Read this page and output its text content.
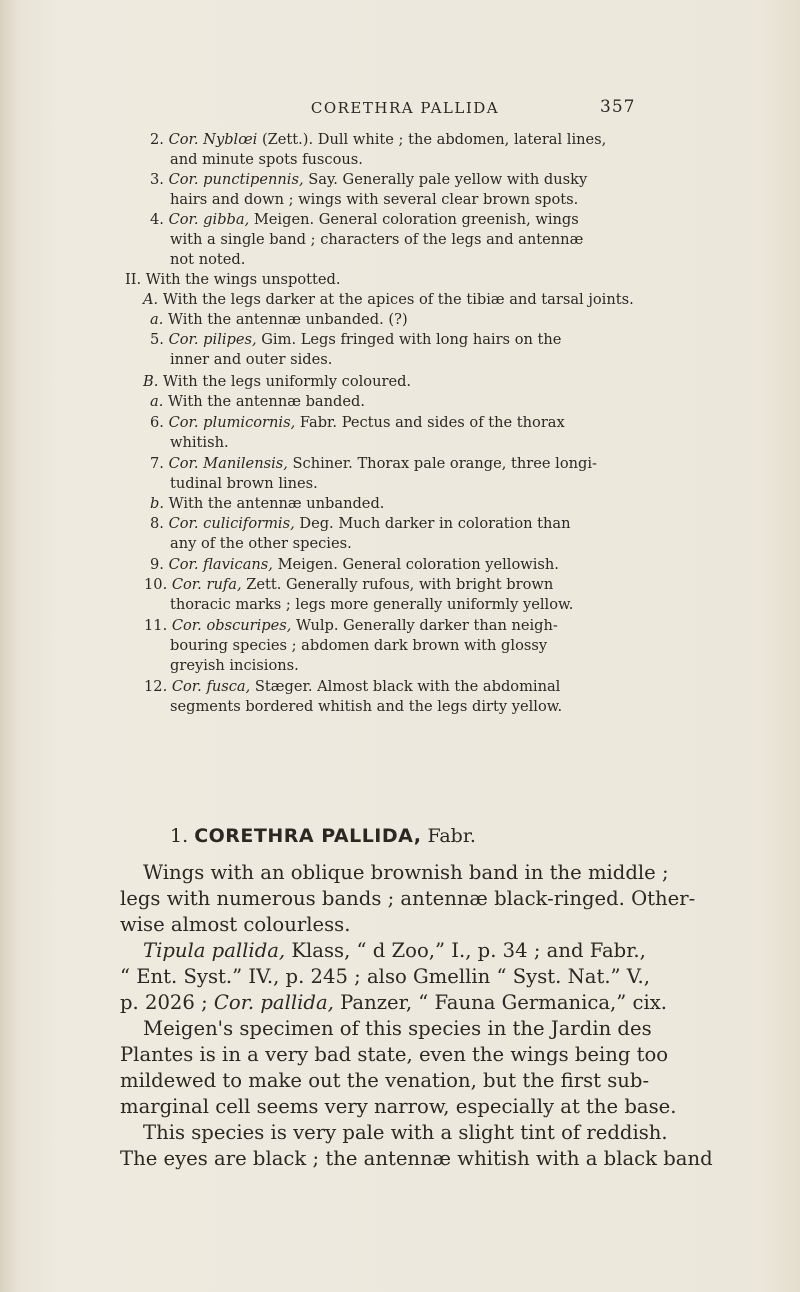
CORETHRA PALLIDA	357
2. Cor. Nyblœi (Zett.). Dull white ; the abdomen, lateral lines,
and minute spots fuscous.
3. Cor. punctipennis, Say. Generally pale yellow with dusky
hairs and down ; wings with several clear brown spots.
4. Cor. gibba, Meigen. General coloration greenish, wings
with a single band ; characters of the legs and antennæ
not noted.
II. With the wings unspotted.
A. With the legs darker at the apices of the tibiæ and tarsal joints.
a. With the antennæ unbanded. (?)
5. Cor. pilipes, Gim. Legs fringed with long hairs on the
inner and outer sides.
B. With the legs uniformly coloured.
a. With the antennæ banded.
6. Cor. plumicornis, Fabr. Pectus and sides of the thorax
whitish.
7. Cor. Manilensis, Schiner. Thorax pale orange, three longi-
tudinal brown lines.
b. With the antennæ unbanded.
8. Cor. culiciformis, Deg. Much darker in coloration than
any of the other species.
9. Cor. flavicans, Meigen. General coloration yellowish.
10. Cor. rufa, Zett. Generally rufous, with bright brown
thoracic marks ; legs more generally uniformly yellow.
11. Cor. obscuripes, Wulp. Generally darker than neigh-
bouring species ; abdomen dark brown with glossy
greyish incisions.
12. Cor. fusca, Stæger. Almost black with the abdominal
segments bordered whitish and the legs dirty yellow.
1. CORETHRA PALLIDA, Fabr.
Wings with an oblique brownish band in the middle ;
legs with numerous bands ; antennæ black-ringed. Other-
wise almost colourless.
Tipula pallida, Klass, “ d Zoo,” I., p. 34 ; and Fabr.,
“ Ent. Syst.” IV., p. 245 ; also Gmellin “ Syst. Nat.” V.,
p. 2026 ; Cor. pallida, Panzer, “ Fauna Germanica,” cix.
Meigen's specimen of this species in the Jardin des
Plantes is in a very bad state, even the wings being too
mildewed to make out the venation, but the first sub-
marginal cell seems very narrow, especially at the base.
This species is very pale with a slight tint of reddish.
The eyes are black ; the antennæ whitish with a black band
